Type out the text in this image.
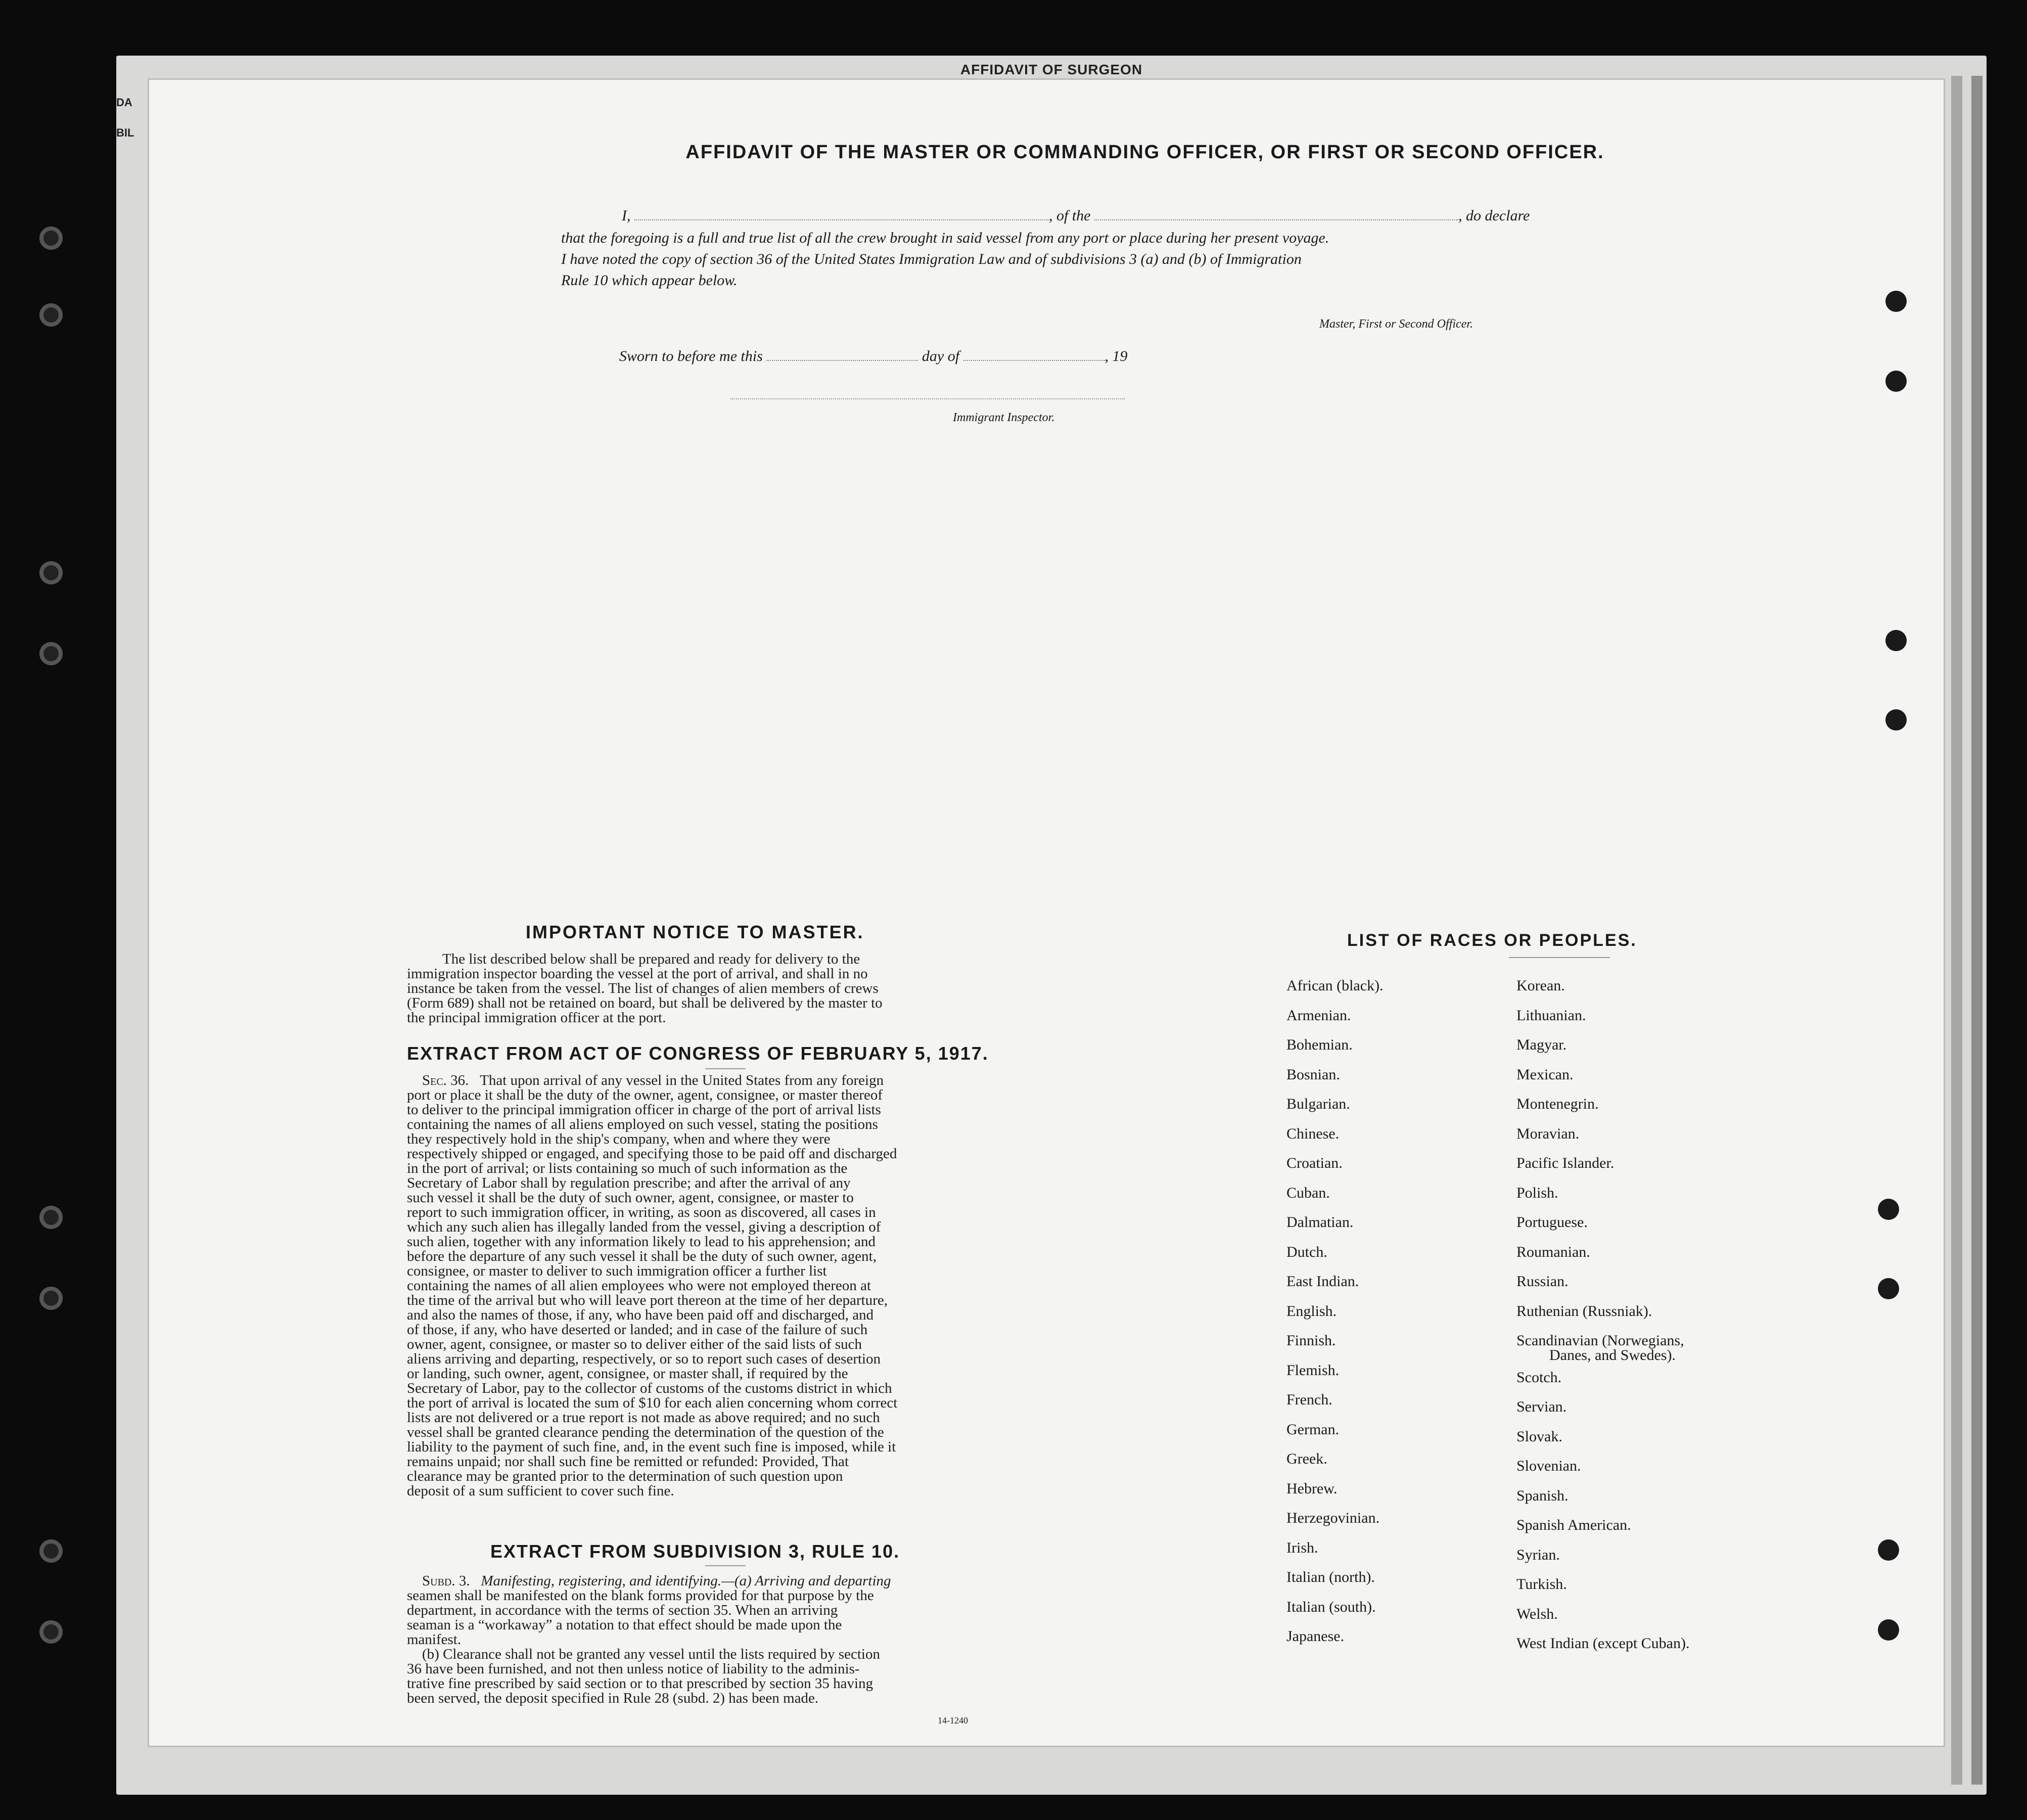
AFFIDAVIT OF SURGEON
DA
BIL
AFFIDAVIT OF THE MASTER OR COMMANDING OFFICER, OR FIRST OR SECOND OFFICER.
I,	, of the	, do declare
that the foregoing is a full and true list of all the crew brought in said vessel from any port or place during her present voyage.
I have noted the copy of section 36 of the United States Immigration Law and of subdivisions 3 (a) and (b) of Immigration
Rule 10 which appear below.
Master, First or Second Officer.
Sworn to before me this	day of	, 19
Immigrant Inspector.
IMPORTANT NOTICE TO MASTER.
The list described below shall be prepared and ready for delivery to the
immigration inspector boarding the vessel at the port of arrival, and shall in no
instance be taken from the vessel. The list of changes of alien members of crews
(Form 689) shall not be retained on board, but shall be delivered by the master to
the principal immigration officer at the port.
EXTRACT FROM ACT OF CONGRESS OF FEBRUARY 5, 1917.
Sec. 36. That upon arrival of any vessel in the United States from any foreign
port or place it shall be the duty of the owner, agent, consignee, or master thereof
to deliver to the principal immigration officer in charge of the port of arrival lists
containing the names of all aliens employed on such vessel, stating the positions
they respectively hold in the ship's company, when and where they were
respectively shipped or engaged, and specifying those to be paid off and discharged
in the port of arrival; or lists containing so much of such information as the
Secretary of Labor shall by regulation prescribe; and after the arrival of any
such vessel it shall be the duty of such owner, agent, consignee, or master to
report to such immigration officer, in writing, as soon as discovered, all cases in
which any such alien has illegally landed from the vessel, giving a description of
such alien, together with any information likely to lead to his apprehension; and
before the departure of any such vessel it shall be the duty of such owner, agent,
consignee, or master to deliver to such immigration officer a further list
containing the names of all alien employees who were not employed thereon at
the time of the arrival but who will leave port thereon at the time of her departure,
and also the names of those, if any, who have been paid off and discharged, and
of those, if any, who have deserted or landed; and in case of the failure of such
owner, agent, consignee, or master so to deliver either of the said lists of such
aliens arriving and departing, respectively, or so to report such cases of desertion
or landing, such owner, agent, consignee, or master shall, if required by the
Secretary of Labor, pay to the collector of customs of the customs district in which
the port of arrival is located the sum of $10 for each alien concerning whom correct
lists are not delivered or a true report is not made as above required; and no such
vessel shall be granted clearance pending the determination of the question of the
liability to the payment of such fine, and, in the event such fine is imposed, while it
remains unpaid; nor shall such fine be remitted or refunded: Provided, That
clearance may be granted prior to the determination of such question upon
deposit of a sum sufficient to cover such fine.
EXTRACT FROM SUBDIVISION 3, RULE 10.
Subd. 3. Manifesting, registering, and identifying.—(a) Arriving and departing
seamen shall be manifested on the blank forms provided for that purpose by the
department, in accordance with the terms of section 35. When an arriving
seaman is a “workaway” a notation to that effect should be made upon the
manifest.
(b) Clearance shall not be granted any vessel until the lists required by section
36 have been furnished, and not then unless notice of liability to the adminis-
trative fine prescribed by said section or to that prescribed by section 35 having
been served, the deposit specified in Rule 28 (subd. 2) has been made.
14-1240
LIST OF RACES OR PEOPLES.
African (black).
Armenian.
Bohemian.
Bosnian.
Bulgarian.
Chinese.
Croatian.
Cuban.
Dalmatian.
Dutch.
East Indian.
English.
Finnish.
Flemish.
French.
German.
Greek.
Hebrew.
Herzegovinian.
Irish.
Italian (north).
Italian (south).
Japanese.
Korean.
Lithuanian.
Magyar.
Mexican.
Montenegrin.
Moravian.
Pacific Islander.
Polish.
Portuguese.
Roumanian.
Russian.
Ruthenian (Russniak).
Scandinavian (Norwegians,
Danes, and Swedes).
Scotch.
Servian.
Slovak.
Slovenian.
Spanish.
Spanish American.
Syrian.
Turkish.
Welsh.
West Indian (except Cuban).
